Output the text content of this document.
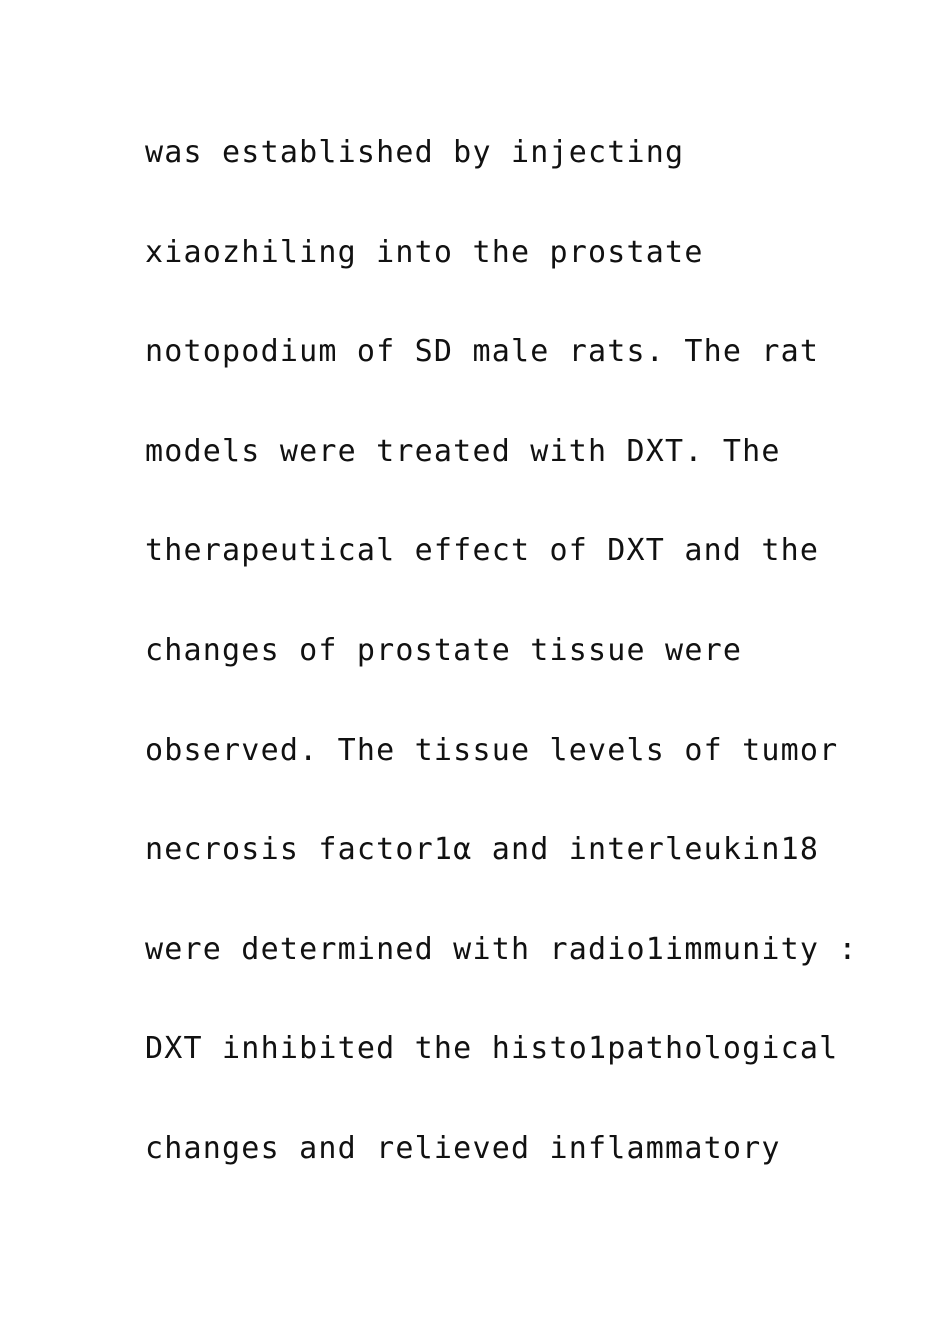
was established by injecting
xiaozhiling into the prostate
notopodium of SD male rats. The rat
models were treated with DXT. The
therapeutical effect of DXT and the
changes of prostate tissue were
observed. The tissue levels of tumor
necrosis factor1α and interleukin18
were determined with radio1immunity :
DXT inhibited the histo1pathological
changes and relieved inflammatory
